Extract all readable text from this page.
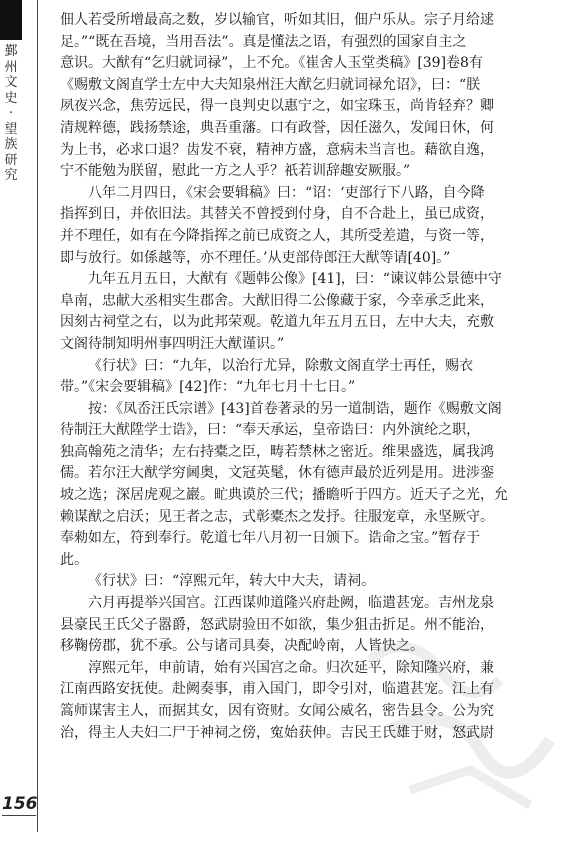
鄞州文史·望族研究
156
佃人若受所增最高之数，岁以输官，听如其旧，佃户乐从。宗子月给逑
足。”“既在吾境，当用吾法”。真是懂法之语，有强烈的国家自主之
意识。大猷有“乞归就词禄”，上不允。《崔舍人玉堂类稿》[39]卷8有
《赐敷文阁直学士左中大夫知泉州汪大猷乞归就词禄允诏》，曰：“朕
夙夜兴念，焦劳远民，得一良判史以惠宁之，如宝珠玉，尚肯轻弃？卿
清规粹德，践扬禁途，典吾重藩。口有政誉，因任滋久，发闻日休，何
为上书，必求口退？齿发不衰，精神方盛，意病未当言也。藉欲自逸，
宁不能勉为朕留，慰此一方之人乎？祇若训辞趣安厥服。”
八年二月四日，《宋会要辑稿》曰：“诏：‘吏部行下八路，自今降
指挥到日，并依旧法。其替关不曾授到付身，自不合赴上，虽已成资，
并不理任，如有在今降指挥之前已成资之人，其所受差遣，与资一等，
即与放行。如係越等，亦不理任。’从吏部侍郎汪大猷等请[40]。”
九年五月五日，大猷有《题韩公像》[41]，曰：“谏议韩公景德中守
阜南，忠献大丞相实生郡舍。大猷旧得二公像藏于家，今幸承乏此来，
因刻古祠堂之右，以为此邦荣观。乾道九年五月五日，左中大夫，充敷
文阁待制知明州事四明汪大猷谨识。”
《行状》曰：“九年，以治行尤异，除敷文阁直学士再任，赐衣
带。”《宋会要辑稿》[42]作：“九年七月十七日。”
按：《凤岙汪氏宗谱》[43]首卷著录的另一道制诰，题作《赐敷文阁
待制汪大猷陞学士诰》，曰：“奉天承运，皇帝诰曰：内外演纶之职，
独高翰苑之清华；左右持橐之臣，畴若禁林之密近。维果盛选，属我鸿
儒。若尔汪大猷学穷阃奥，文冠英髦，休有德声最於近列是用。进涉銮
坡之选；深居虎观之巖。甿典谟於三代；播瞻听于四方。近天子之光，允
赖谋猷之启沃；见王者之志，式彰橐杰之发抒。往服宠章，永坚厥守。
奉勑如左，符到奉行。乾道七年八月初一日颁下。诰命之宝。”暂存于
此。
《行状》曰：“淳熙元年，转大中大夫，请祠。
六月再提举兴国宫。江西谋帅道隆兴府赴阙，临遣甚宠。吉州龙泉
县豪民王氏父子嚣爵，怒武尉验田不如欲，集少狙击折足。州不能治，
移鞠傍郡，犹不承。公与诸司具奏，决配岭南，人皆快之。
淳熙元年，申前请，始有兴国宫之命。归次延平，除知隆兴府，兼
江南西路安抚使。赴阙奏事，甫入国门，即令引对，临遣甚宠。江上有
篙师谋害主人，而据其女，因有资财。女闻公威名，密告县令。公为究
治，得主人夫妇二尸于神祠之傍，寃始获伸。吉民王氏雄于财，怒武尉
